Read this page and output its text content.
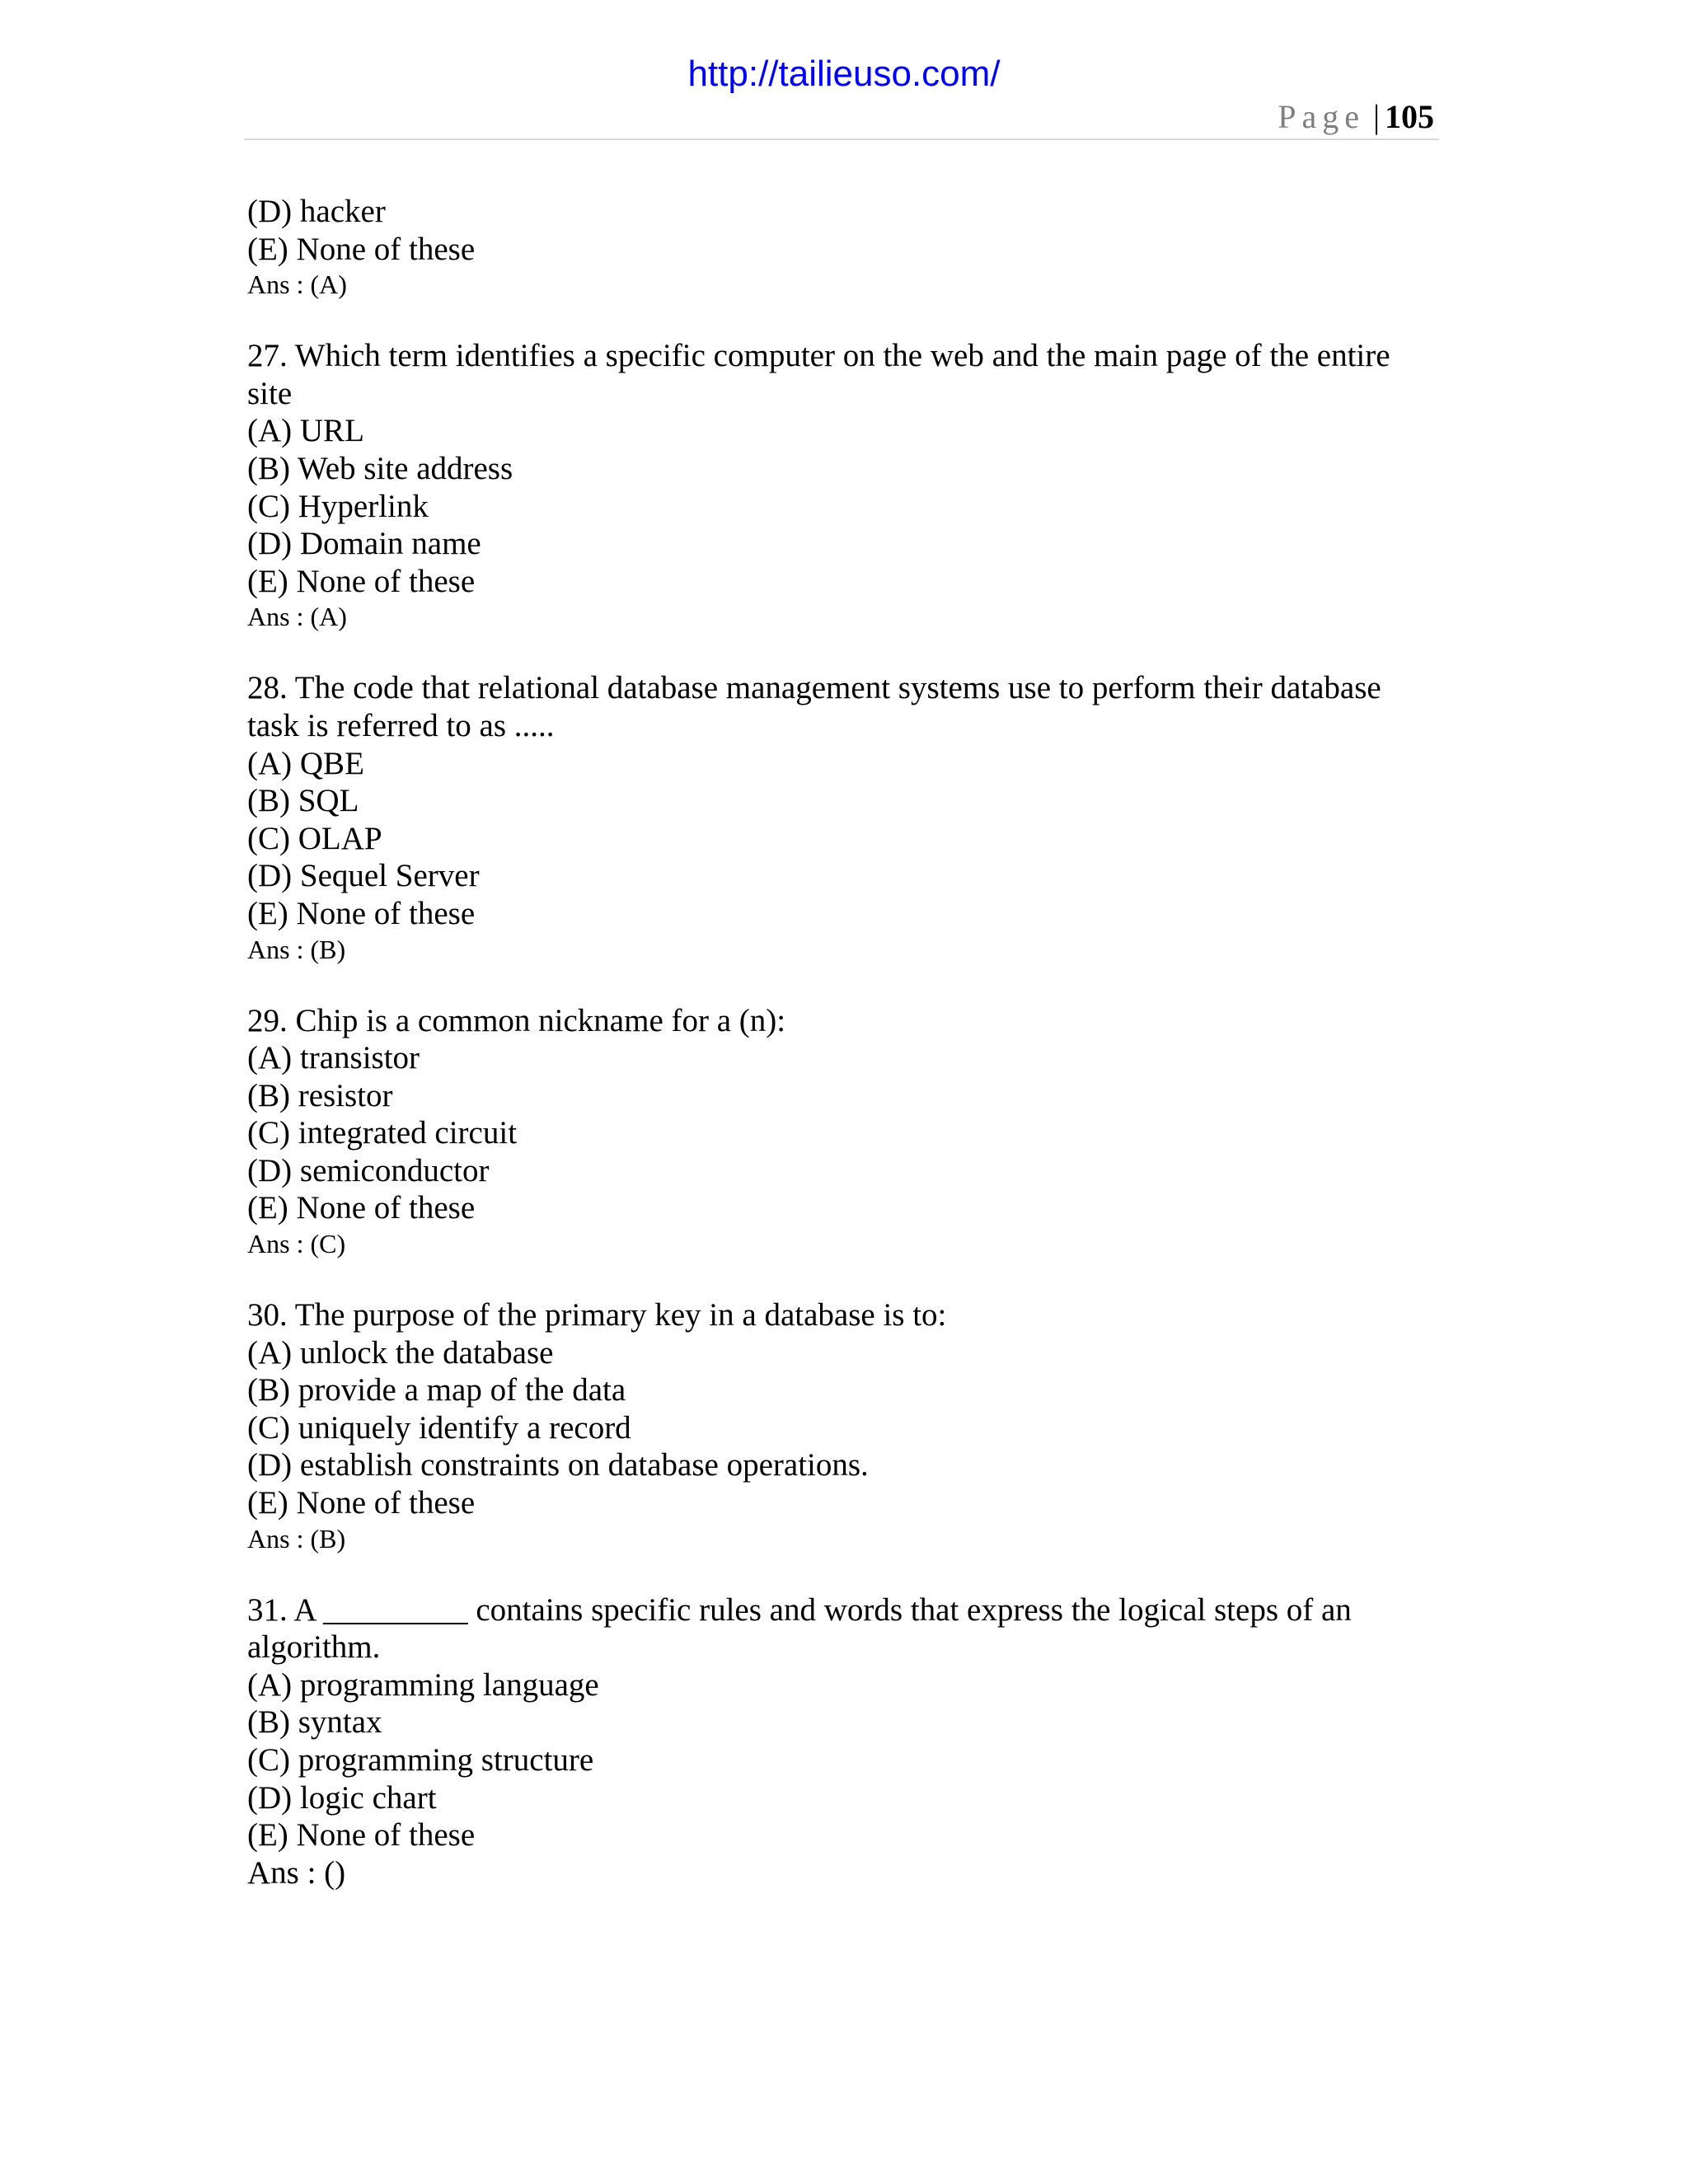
http://tailieuso.com/
Page | 105

(D) hacker

(E) None of these

Ans : (A)

27. Which term identifies a specific computer on the web and the main page of the entire

site

(A) URL

(B) Web site address

(C) Hyperlink

(D) Domain name

(E) None of these

Ans : (A)

28. The code that relational database management systems use to perform their database

task is referred to as .....

(A) QBE

(B) SQL

(C) OLAP

(D) Sequel Server

(E) None of these

Ans : (B)

29. Chip is a common nickname for a (n):

(A) transistor

(B) resistor

(C) integrated circuit

(D) semiconductor

(E) None of these

Ans : (C)

30. The purpose of the primary key in a database is to:

(A) unlock the database

(B) provide a map of the data

(C) uniquely identify a record

(D) establish constraints on database operations.

(E) None of these

Ans : (B)

31. A _________ contains specific rules and words that express the logical steps of an

algorithm.

(A) programming language

(B) syntax

(C) programming structure

(D) logic chart

(E) None of these

Ans : ()
